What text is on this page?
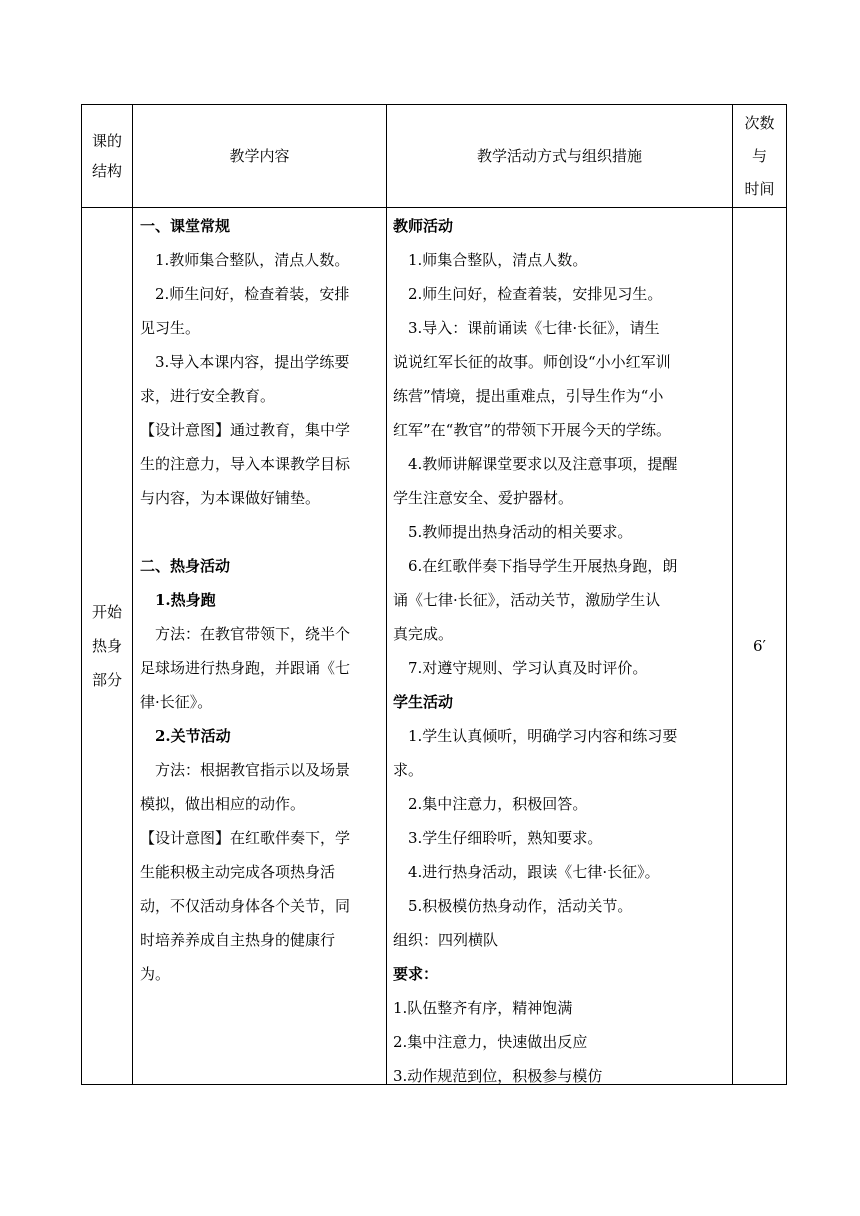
课的
结构
教学内容	教学活动方式与组织措施
次数
与
时间
开始
热身
部分
一、课堂常规
1.教师集合整队，清点人数。
2.师生问好，检查着装，安排
见习生。
3.导入本课内容，提出学练要
求，进行安全教育。
【设计意图】通过教育，集中学
生的注意力，导入本课教学目标
与内容，为本课做好铺垫。
二、热身活动
1.热身跑
方法：在教官带领下，绕半个
足球场进行热身跑，并跟诵《七
律·长征》。
2.关节活动
方法：根据教官指示以及场景
模拟，做出相应的动作。
【设计意图】在红歌伴奏下，学
生能积极主动完成各项热身活
动，不仅活动身体各个关节，同
时培养养成自主热身的健康行
为。
教师活动
1.师集合整队，清点人数。
2.师生问好，检查着装，安排见习生。
3.导入：课前诵读《七律·长征》，请生
说说红军长征的故事。师创设“小小红军训
练营”情境，提出重难点，引导生作为“小
红军”在“教官”的带领下开展今天的学练。
4.教师讲解课堂要求以及注意事项，提醒
学生注意安全、爱护器材。
5.教师提出热身活动的相关要求。
6.在红歌伴奏下指导学生开展热身跑，朗
诵《七律·长征》，活动关节，激励学生认
真完成。
7.对遵守规则、学习认真及时评价。
学生活动
1.学生认真倾听，明确学习内容和练习要
求。
2.集中注意力，积极回答。
3.学生仔细聆听，熟知要求。
4.进行热身活动，跟读《七律·长征》。
5.积极模仿热身动作，活动关节。
组织：四列横队
要求：
1.队伍整齐有序，精神饱满
2.集中注意力，快速做出反应
3.动作规范到位，积极参与模仿
6′
